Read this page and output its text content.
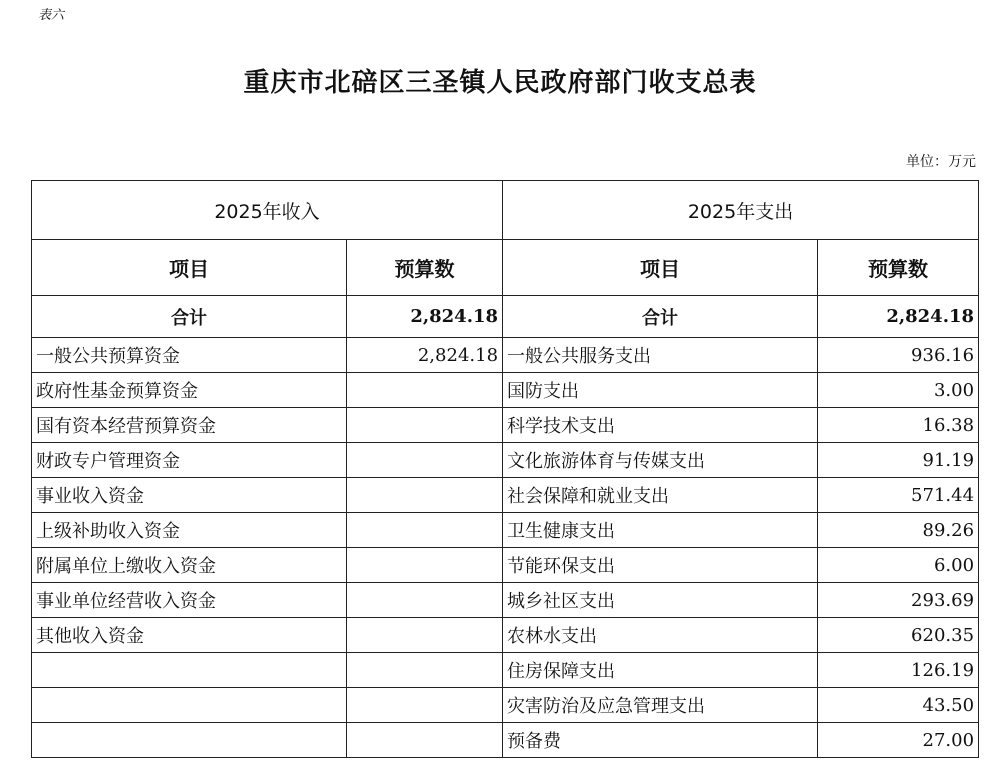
表六
重庆市北碚区三圣镇人民政府部门收支总表
单位：万元
2025年收入		2025年支出	
项目	预算数	项目	预算数
合计	2,824.18	合计	2,824.18
一般公共预算资金	2,824.18	一般公共服务支出	936.16
政府性基金预算资金		国防支出	3.00
国有资本经营预算资金		科学技术支出	16.38
财政专户管理资金		文化旅游体育与传媒支出	91.19
事业收入资金		社会保障和就业支出	571.44
上级补助收入资金		卫生健康支出	89.26
附属单位上缴收入资金		节能环保支出	6.00
事业单位经营收入资金		城乡社区支出	293.69
其他收入资金		农林水支出	620.35
		住房保障支出	126.19
		灾害防治及应急管理支出	43.50
		预备费	27.00
